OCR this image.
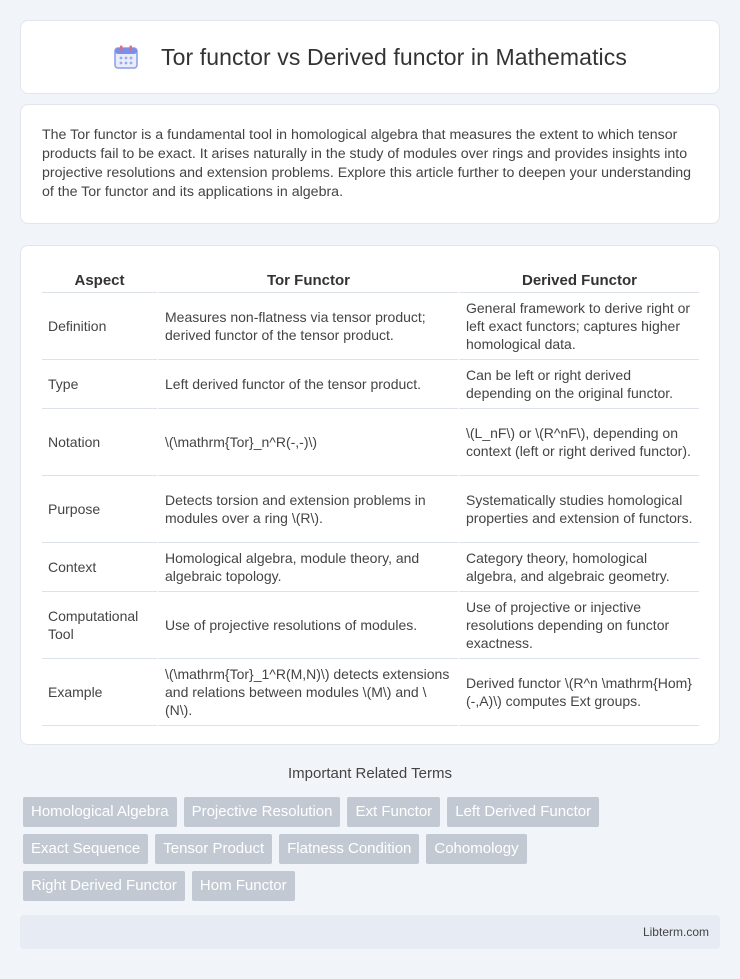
Tor functor vs Derived functor in Mathematics

The Tor functor is a fundamental tool in homological algebra that measures the extent to which tensor products fail to be exact. It arises naturally in the study of modules over rings and provides insights into projective resolutions and extension problems. Explore this article further to deepen your understanding of the Tor functor and its applications in algebra.

Aspect	Tor Functor	Derived Functor
Definition	Measures non-flatness via tensor product; derived functor of the tensor product.	General framework to derive right or left exact functors; captures higher homological data.
Type	Left derived functor of the tensor product.	Can be left or right derived depending on the original functor.
Notation	\(\mathrm{Tor}_n^R(-,-)\)	\(L_nF\) or \(R^nF\), depending on context (left or right derived functor).
Purpose	Detects torsion and extension problems in modules over a ring \(R\).	Systematically studies homological properties and extension of functors.
Context	Homological algebra, module theory, and algebraic topology.	Category theory, homological algebra, and algebraic geometry.
Computational Tool	Use of projective resolutions of modules.	Use of projective or injective resolutions depending on functor exactness.
Example	\(\mathrm{Tor}_1^R(M,N)\) detects extensions and relations between modules \(M\) and \(N\).	Derived functor \(R^n \mathrm{Hom}(-,A)\) computes Ext groups.
Important Related Terms
Homological Algebra	Projective Resolution	Ext Functor	Left Derived Functor
Exact Sequence	Tensor Product	Flatness Condition	Cohomology
Right Derived Functor	Hom Functor
Libterm.com
